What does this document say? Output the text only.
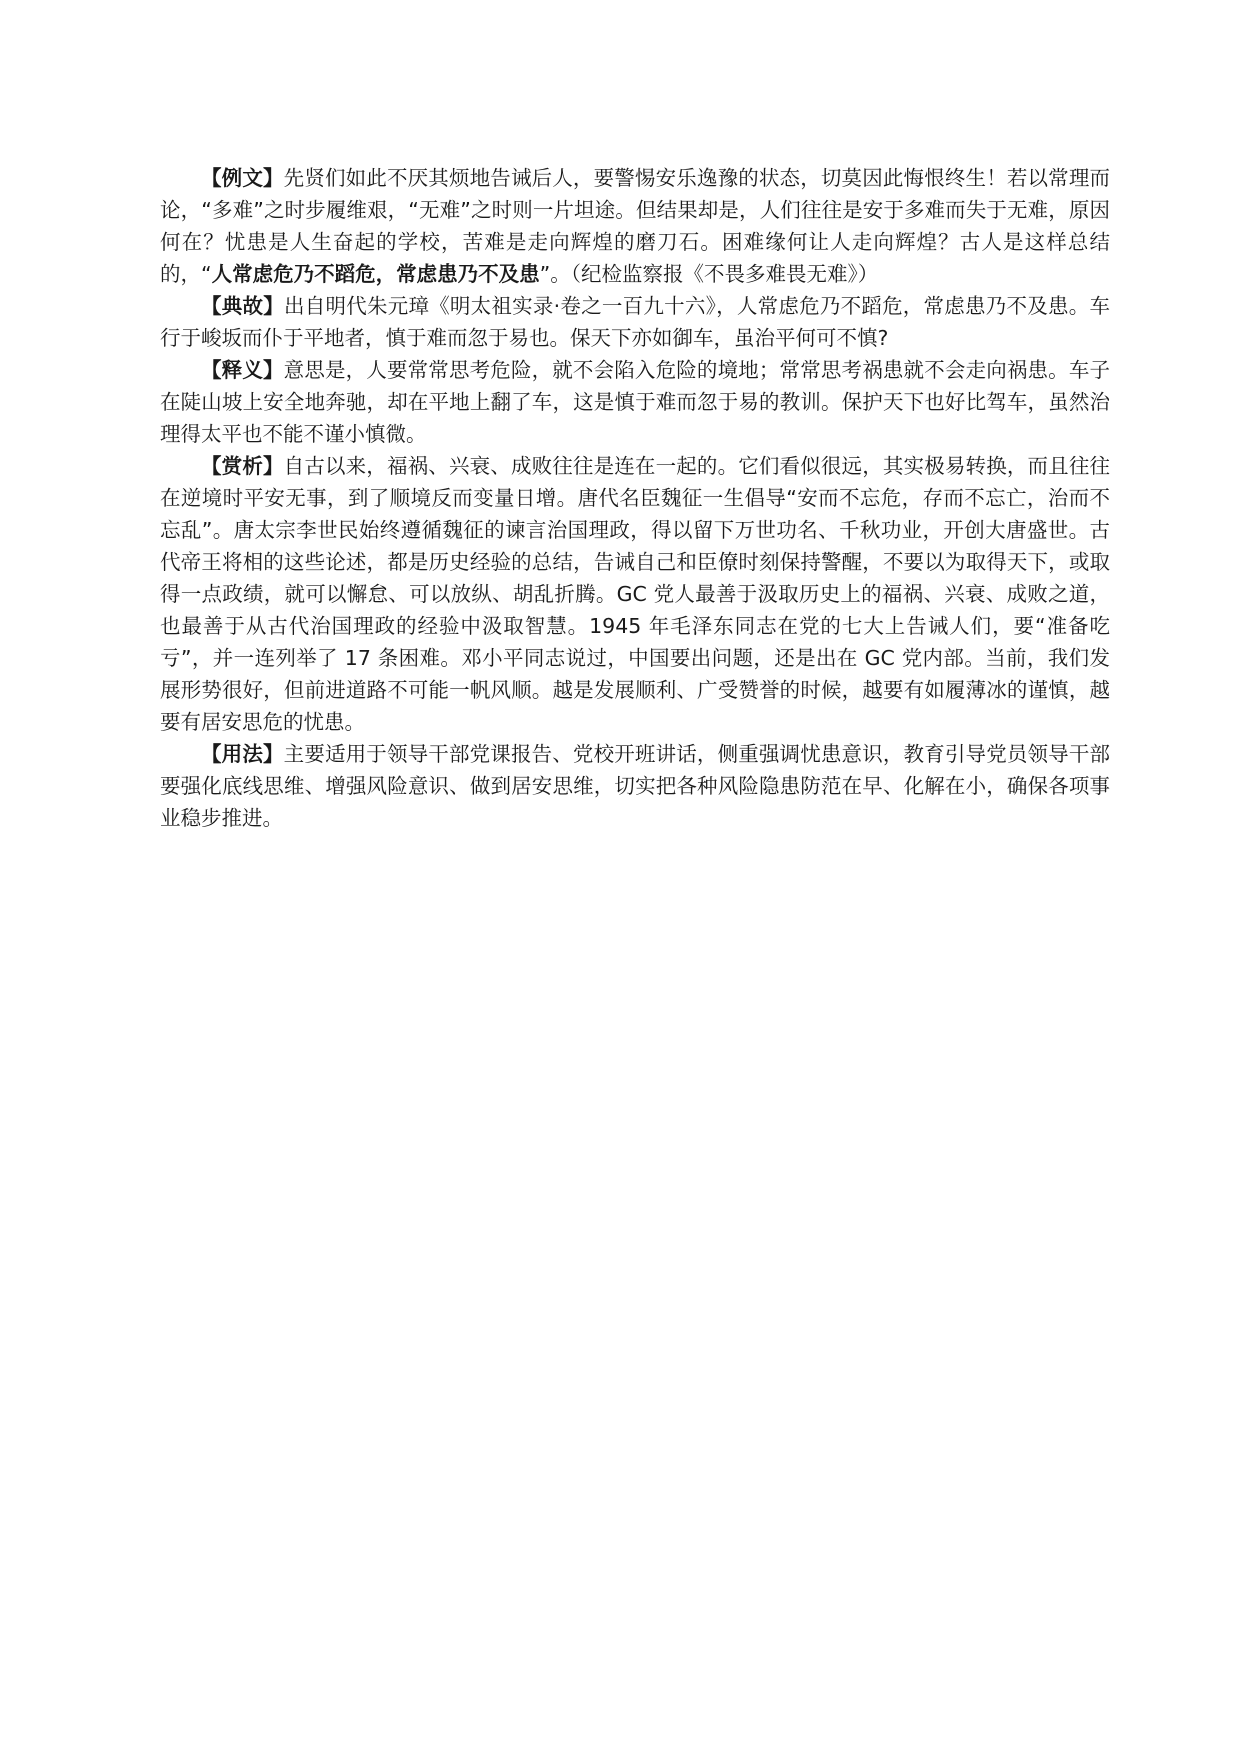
【例文】先贤们如此不厌其烦地告诫后人，要警惕安乐逸豫的状态，切莫因此悔恨终生！若以常理而论，“多难”之时步履维艰，“无难”之时则一片坦途。但结果却是，人们往往是安于多难而失于无难，原因何在？忧患是人生奋起的学校，苦难是走向辉煌的磨刀石。困难缘何让人走向辉煌？古人是这样总结的，“人常虑危乃不蹈危，常虑患乃不及患”。（纪检监察报《不畏多难畏无难》）

【典故】出自明代朱元璋《明太祖实录·卷之一百九十六》，人常虑危乃不蹈危，常虑患乃不及患。车行于峻坂而仆于平地者，慎于难而忽于易也。保天下亦如御车，虽治平何可不慎?

【释义】意思是，人要常常思考危险，就不会陷入危险的境地；常常思考祸患就不会走向祸患。车子在陡山坡上安全地奔驰，却在平地上翻了车，这是慎于难而忽于易的教训。保护天下也好比驾车，虽然治理得太平也不能不谨小慎微。

【赏析】自古以来，福祸、兴衰、成败往往是连在一起的。它们看似很远，其实极易转换，而且往往在逆境时平安无事，到了顺境反而变量日增。唐代名臣魏征一生倡导“安而不忘危，存而不忘亡，治而不忘乱”。唐太宗李世民始终遵循魏征的谏言治国理政，得以留下万世功名、千秋功业，开创大唐盛世。古代帝王将相的这些论述，都是历史经验的总结，告诫自己和臣僚时刻保持警醒，不要以为取得天下，或取得一点政绩，就可以懈怠、可以放纵、胡乱折腾。GC 党人最善于汲取历史上的福祸、兴衰、成败之道，也最善于从古代治国理政的经验中汲取智慧。1945 年毛泽东同志在党的七大上告诫人们，要“准备吃亏”，并一连列举了 17 条困难。邓小平同志说过，中国要出问题，还是出在 GC 党内部。当前，我们发展形势很好，但前进道路不可能一帆风顺。越是发展顺利、广受赞誉的时候，越要有如履薄冰的谨慎，越要有居安思危的忧患。

【用法】主要适用于领导干部党课报告、党校开班讲话，侧重强调忧患意识，教育引导党员领导干部要强化底线思维、增强风险意识、做到居安思维，切实把各种风险隐患防范在早、化解在小，确保各项事业稳步推进。
